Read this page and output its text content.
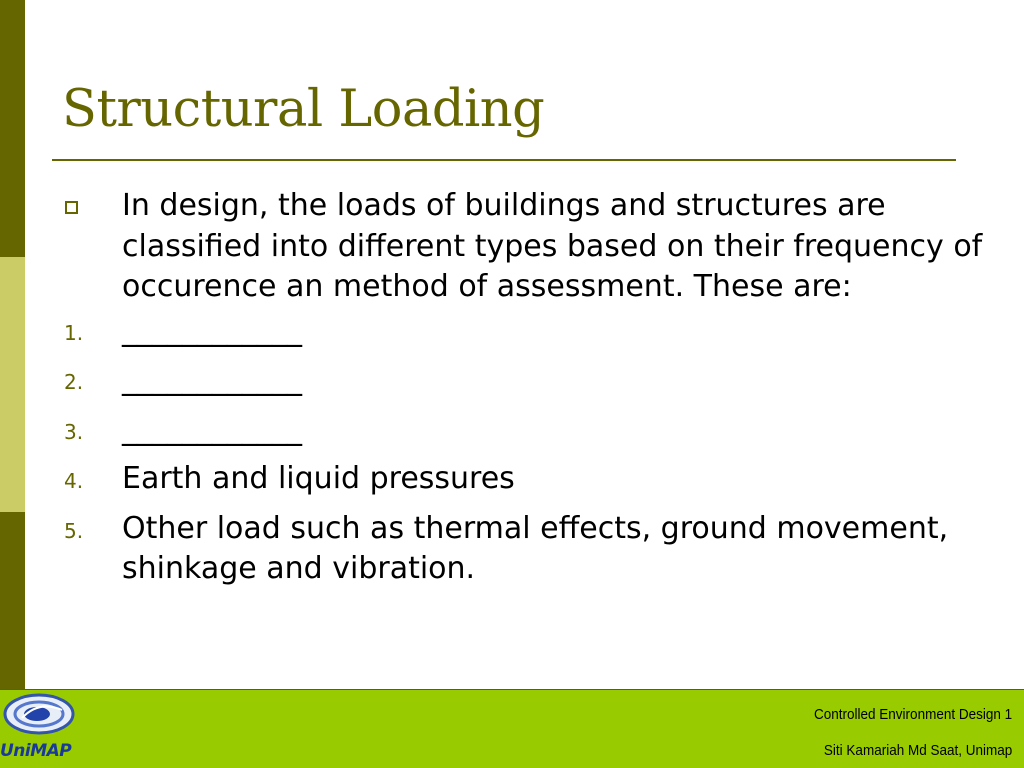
Structural Loading
In design, the loads of buildings and structures are classified into different types based on their frequency of occurence an method of assessment. These are:
1. ____________
2. ____________
3. ____________
4. Earth and liquid pressures
5. Other load such as thermal effects, ground movement, shinkage and vibration.
UniMAP
Controlled Environment Design 1
Siti Kamariah Md Saat, Unimap
